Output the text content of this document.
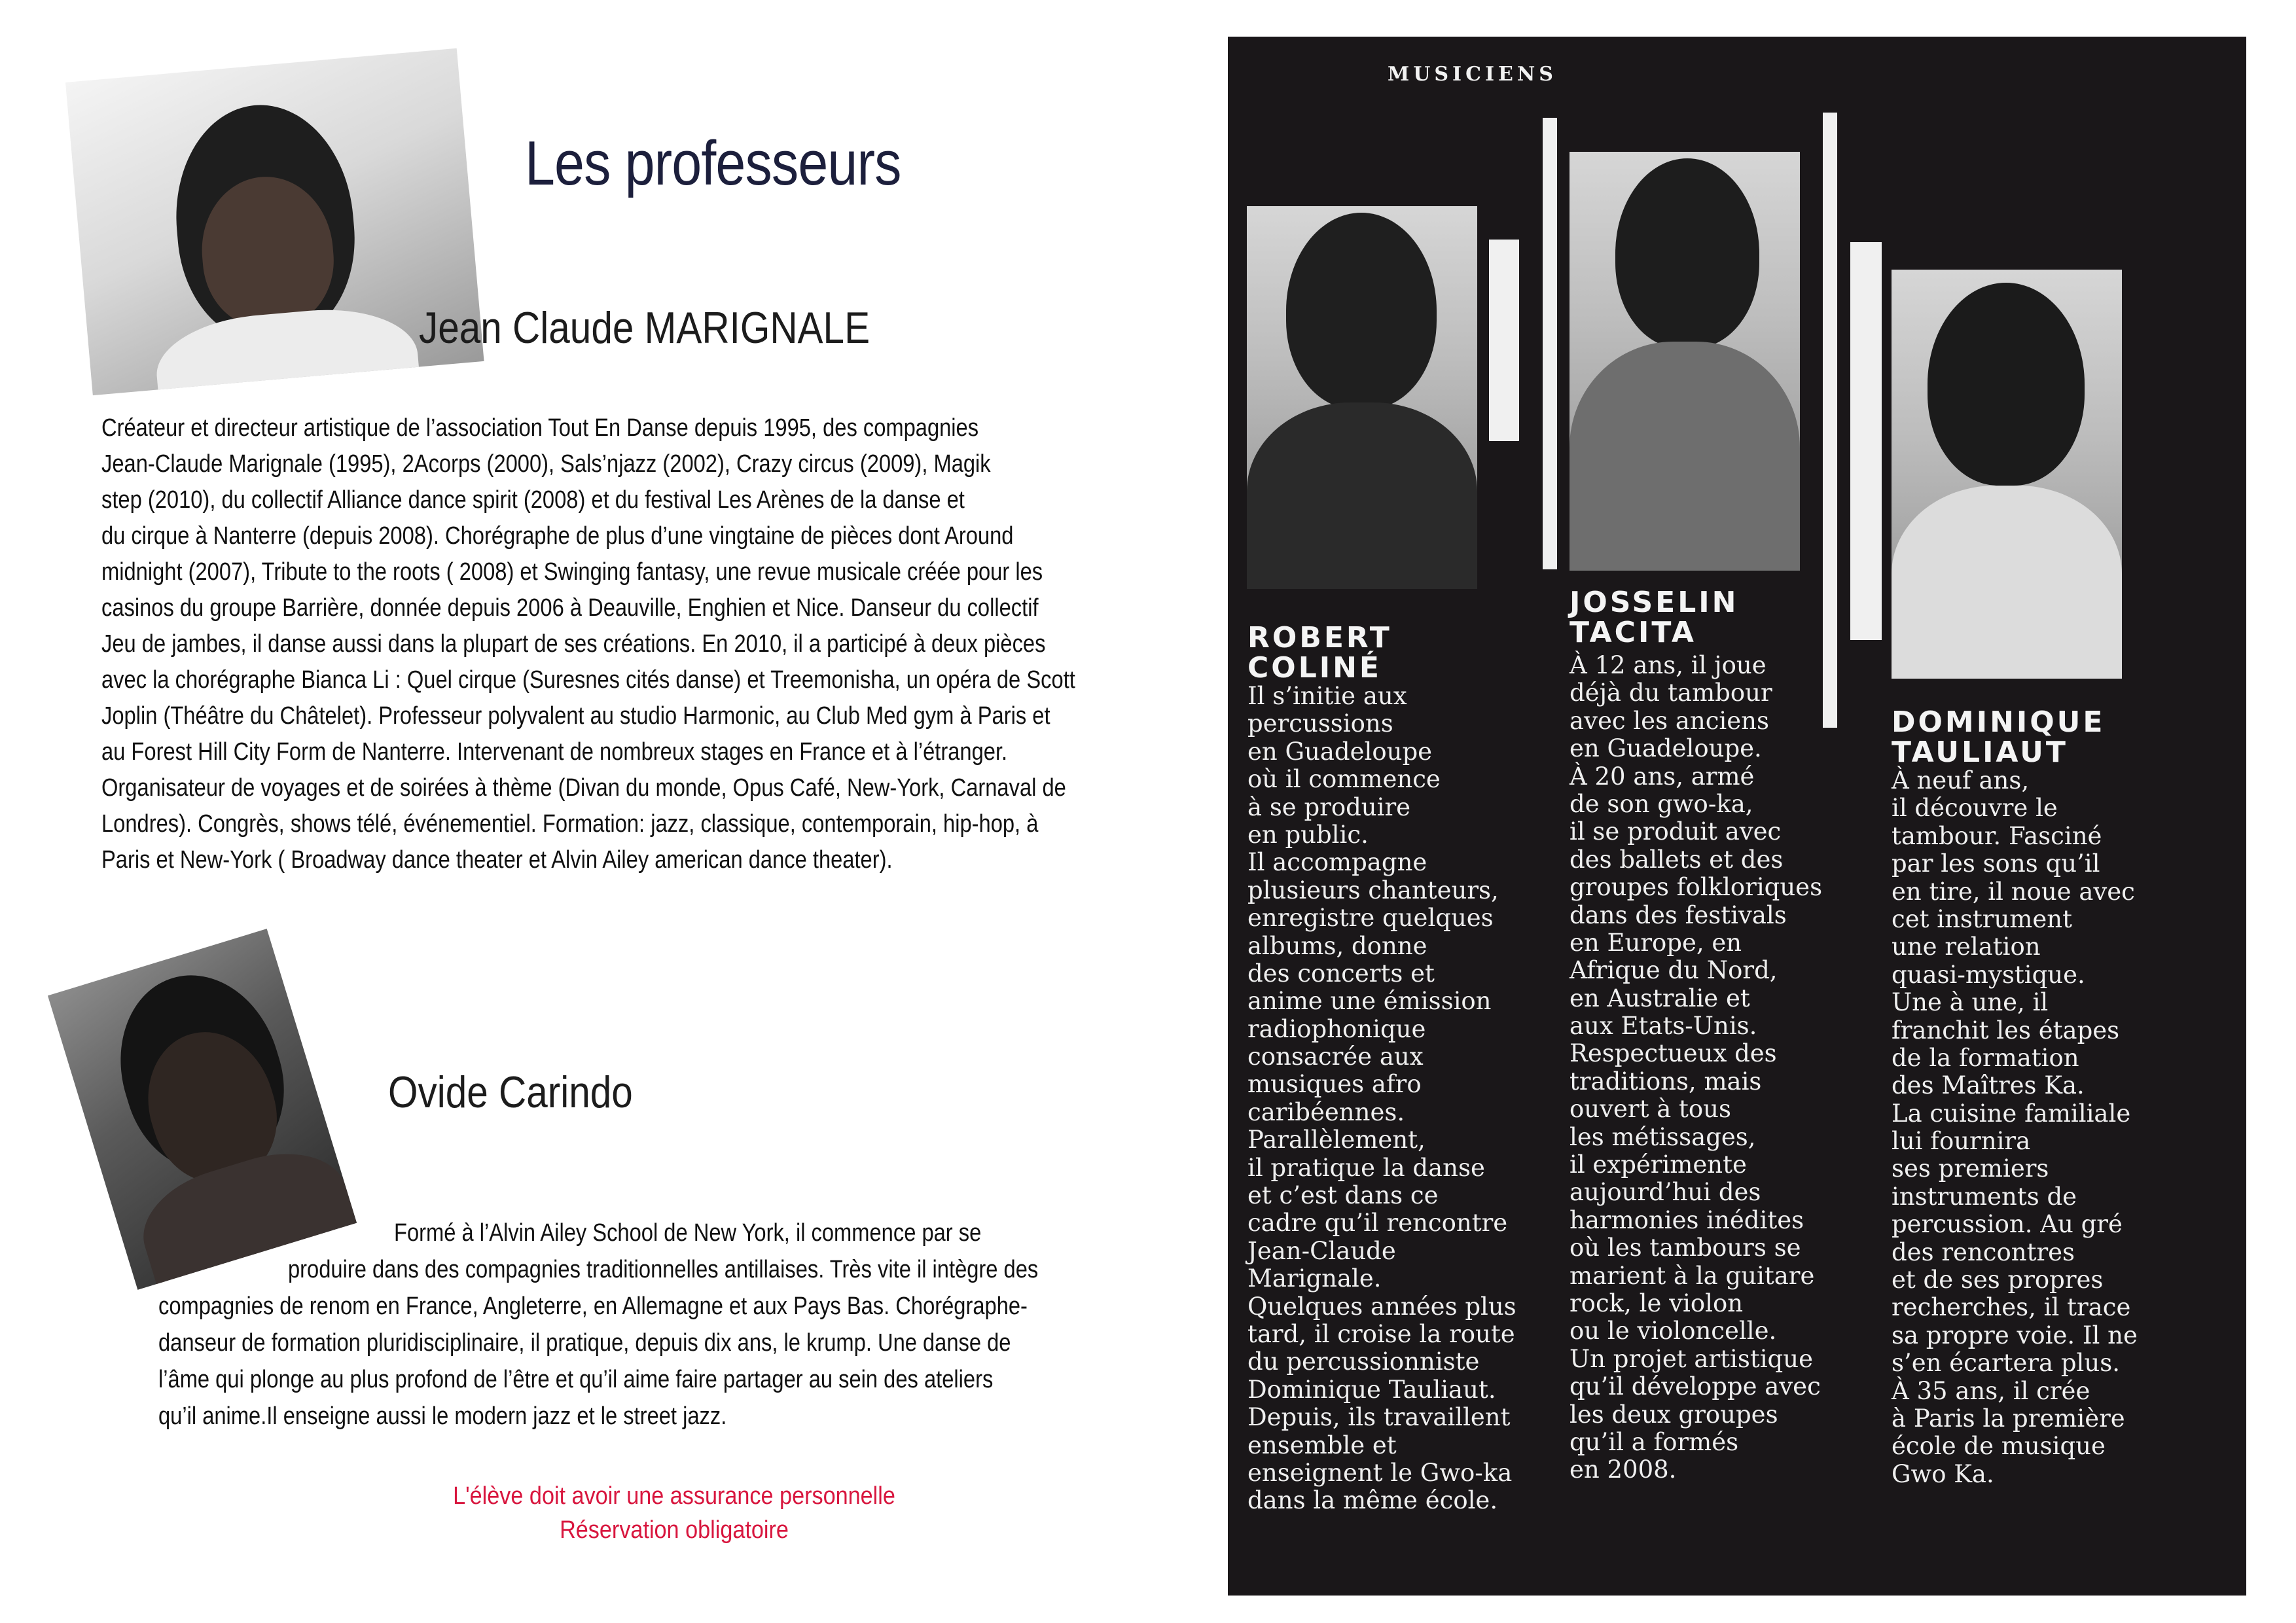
Les professeurs
Jean Claude MARIGNALE
Créateur et directeur artistique de l’association Tout En Danse depuis 1995, des compagnies
Jean-Claude Marignale (1995), 2Acorps (2000), Sals’njazz (2002), Crazy circus (2009), Magik
step (2010), du collectif Alliance dance spirit (2008) et du festival Les Arènes de la danse et
du cirque à Nanterre (depuis 2008). Chorégraphe de plus d’une vingtaine de pièces dont Around
midnight (2007), Tribute to the roots ( 2008) et Swinging fantasy, une revue musicale créée pour les
casinos du groupe Barrière, donnée depuis 2006 à Deauville, Enghien et Nice. Danseur du collectif
Jeu de jambes, il danse aussi dans la plupart de ses créations. En 2010, il a participé à deux pièces
avec la chorégraphe Bianca Li : Quel cirque (Suresnes cités danse) et Treemonisha, un opéra de Scott
Joplin (Théâtre du Châtelet). Professeur polyvalent au studio Harmonic, au Club Med gym à Paris et
au Forest Hill City Form de Nanterre. Intervenant de nombreux stages en France et à l’étranger.
Organisateur de voyages et de soirées à thème (Divan du monde, Opus Café, New-York, Carnaval de
Londres). Congrès, shows télé, événementiel. Formation: jazz, classique, contemporain, hip-hop, à
Paris et New-York ( Broadway dance theater et Alvin Ailey american dance theater).
Ovide Carindo
Formé à l’Alvin Ailey School de New York, il commence par se
produire dans des compagnies traditionnelles antillaises. Très vite il intègre des
compagnies de renom en France, Angleterre, en Allemagne et aux Pays Bas. Chorégraphe-
danseur de formation pluridisciplinaire, il pratique, depuis dix ans, le krump. Une danse de
l’âme qui plonge au plus profond de l’être et qu’il aime faire partager au sein des ateliers
qu’il anime.Il enseigne aussi le modern jazz et le street jazz.
L'élève doit avoir une assurance personnelle
Réservation obligatoire
MUSICIENS
ROBERT
COLINÉ
JOSSELIN
TACITA
DOMINIQUE
TAULIAUT
Il s’initie aux
percussions
en Guadeloupe
où il commence
à se produire
en public.
Il accompagne
plusieurs chanteurs,
enregistre quelques
albums, donne
des concerts et
anime une émission
radiophonique
consacrée aux
musiques afro
caribéennes.
Parallèlement,
il pratique la danse
et c’est dans ce
cadre qu’il rencontre
Jean-Claude
Marignale.
Quelques années plus
tard, il croise la route
du percussionniste
Dominique Tauliaut.
Depuis, ils travaillent
ensemble et
enseignent le Gwo-ka
dans la même école.
À 12 ans, il joue
déjà du tambour
avec les anciens
en Guadeloupe.
À 20 ans, armé
de son gwo-ka,
il se produit avec
des ballets et des
groupes folkloriques
dans des festivals
en Europe, en
Afrique du Nord,
en Australie et
aux Etats-Unis.
Respectueux des
traditions, mais
ouvert à tous
les métissages,
il expérimente
aujourd’hui des
harmonies inédites
où les tambours se
marient à la guitare
rock, le violon
ou le violoncelle.
Un projet artistique
qu’il développe avec
les deux groupes
qu’il a formés
en 2008.
À neuf ans,
il découvre le
tambour. Fasciné
par les sons qu’il
en tire, il noue avec
cet instrument
une relation
quasi-mystique.
Une à une, il
franchit les étapes
de la formation
des Maîtres Ka.
La cuisine familiale
lui fournira
ses premiers
instruments de
percussion. Au gré
des rencontres
et de ses propres
recherches, il trace
sa propre voie. Il ne
s’en écartera plus.
À 35 ans, il crée
à Paris la première
école de musique
Gwo Ka.
